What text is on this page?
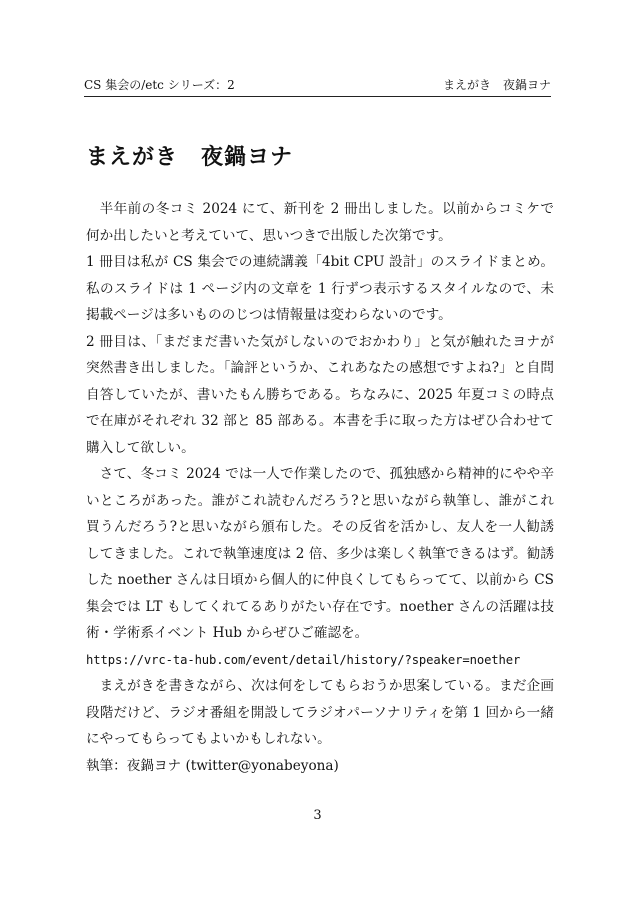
CS 集会の/etc シリーズ：2	まえがき　夜鍋ヨナ
まえがき　夜鍋ヨナ

半年前の冬コミ 2024 にて、新刊を 2 冊出しました。以前からコミケで何か出したいと考えていて、思いつきで出版した次第です。

1 冊目は私が CS 集会での連続講義「4bit CPU 設計」のスライドまとめ。私のスライドは 1 ページ内の文章を 1 行ずつ表示するスタイルなので、未掲載ページは多いもののじつは情報量は変わらないのです。

2 冊目は、「まだまだ書いた気がしないのでおかわり」と気が触れたヨナが突然書き出しました。「論評というか、これあなたの感想ですよね?」と自問自答していたが、書いたもん勝ちである。ちなみに、2025 年夏コミの時点で在庫がそれぞれ 32 部と 85 部ある。本書を手に取った方はぜひ合わせて購入して欲しい。

さて、冬コミ 2024 では一人で作業したので、孤独感から精神的にやや辛いところがあった。誰がこれ読むんだろう?と思いながら執筆し、誰がこれ買うんだろう?と思いながら頒布した。その反省を活かし、友人を一人勧誘してきました。これで執筆速度は 2 倍、多少は楽しく執筆できるはず。勧誘した noether さんは日頃から個人的に仲良くしてもらってて、以前から CS 集会では LT もしてくれてるありがたい存在です。noether さんの活躍は技術・学術系イベント Hub からぜひご確認を。

https://vrc-ta-hub.com/event/detail/history/?speaker=noether

まえがきを書きながら、次は何をしてもらおうか思案している。まだ企画段階だけど、ラジオ番組を開設してラジオパーソナリティを第 1 回から一緒にやってもらってもよいかもしれない。

執筆：夜鍋ヨナ (twitter@yonabeyona)

3
